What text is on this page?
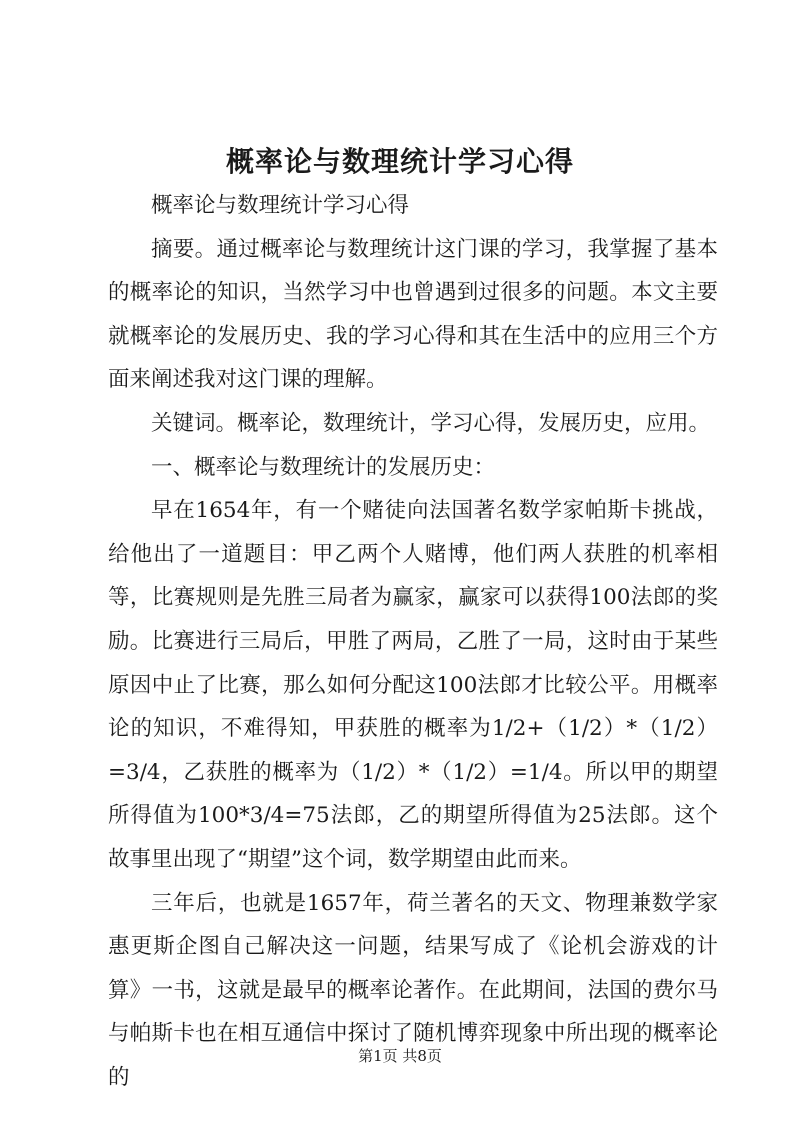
概率论与数理统计学习心得

概率论与数理统计学习心得

摘要。通过概率论与数理统计这门课的学习，我掌握了基本的概率论的知识，当然学习中也曾遇到过很多的问题。本文主要就概率论的发展历史、我的学习心得和其在生活中的应用三个方面来阐述我对这门课的理解。

关键词。概率论，数理统计，学习心得，发展历史，应用。

一、概率论与数理统计的发展历史：

早在1654年，有一个赌徒向法国著名数学家帕斯卡挑战，给他出了一道题目：甲乙两个人赌博，他们两人获胜的机率相等，比赛规则是先胜三局者为赢家，赢家可以获得100法郎的奖励。比赛进行三局后，甲胜了两局，乙胜了一局，这时由于某些原因中止了比赛，那么如何分配这100法郎才比较公平。用概率论的知识，不难得知，甲获胜的概率为1/2+（1/2）*（1/2）=3/4，乙获胜的概率为（1/2）*（1/2）=1/4。所以甲的期望所得值为100*3/4=75法郎，乙的期望所得值为25法郎。这个故事里出现了“期望”这个词，数学期望由此而来。

三年后，也就是1657年，荷兰著名的天文、物理兼数学家惠更斯企图自己解决这一问题，结果写成了《论机会游戏的计算》一书，这就是最早的概率论著作。在此期间，法国的费尔马与帕斯卡也在相互通信中探讨了随机博弈现象中所出现的概率论的

第1页 共8页
